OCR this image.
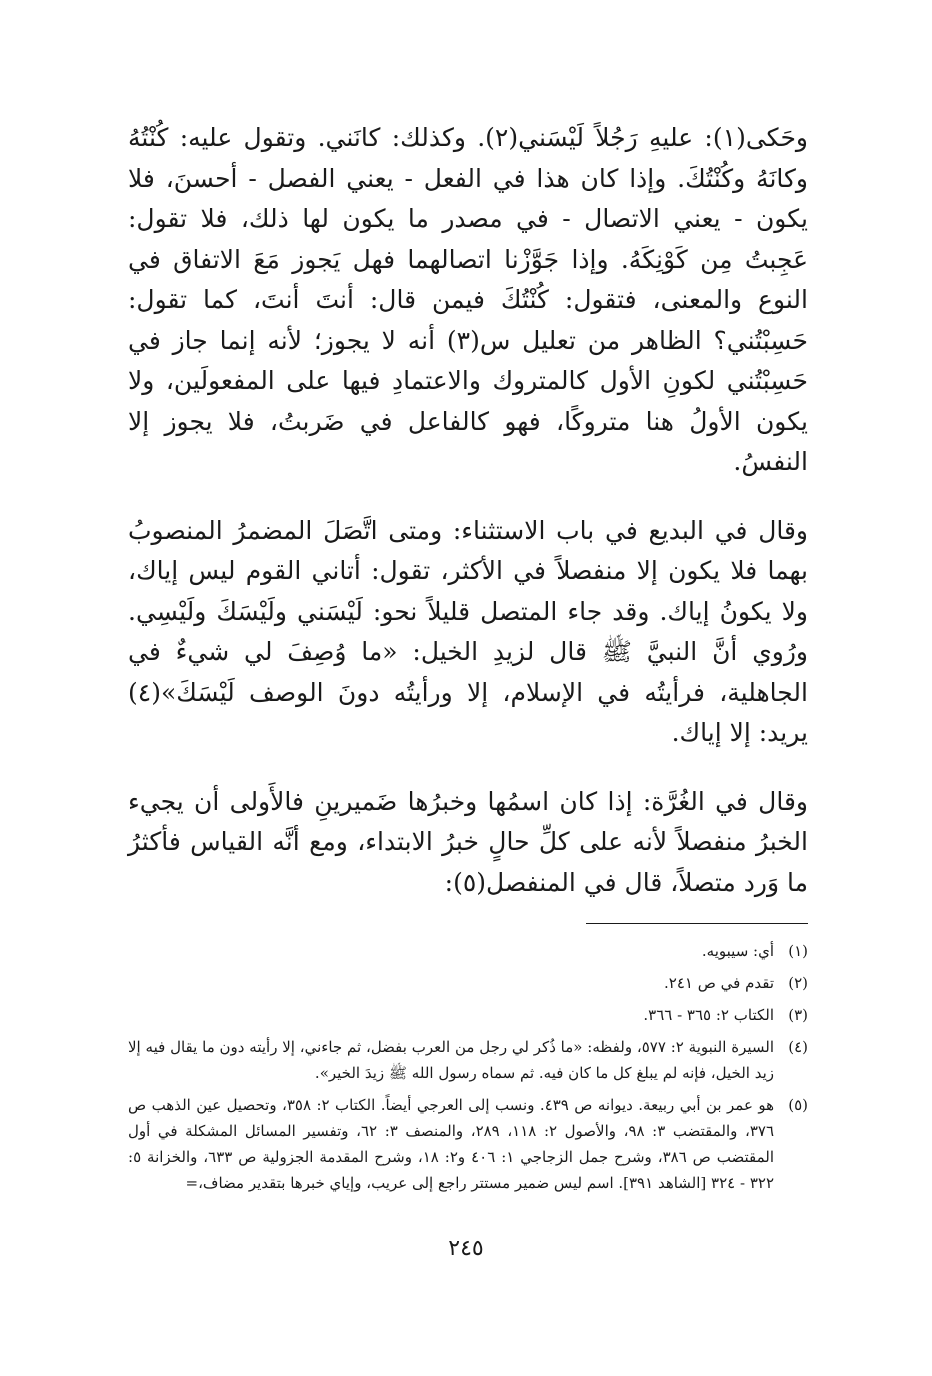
وحَكى(١): عليهِ رَجُلاً لَيْسَني(٢). وكذلك: كانَني. وتقول عليه: كُنْتُهُ وكانَهُ وكُنْتُكَ. وإذا كان هذا في الفعل - يعني الفصل - أحسنَ، فلا يكون - يعني الاتصال - في مصدر ما يكون لها ذلك، فلا تقول: عَجِبتُ مِن كَوْنِكَهُ. وإذا جَوَّزْنا اتصالهما فهل يَجوز مَعَ الاتفاق في النوع والمعنى، فتقول: كُنْتُكَ فيمن قال: أنتَ أنتَ، كما تقول: حَسِبْتُني؟ الظاهر من تعليل س(٣) أنه لا يجوز؛ لأنه إنما جاز في حَسِبْتُني لكونِ الأول كالمتروك والاعتمادِ فيها على المفعولَين، ولا يكون الأولُ هنا متروكًا، فهو كالفاعل في ضَربتُ، فلا يجوز إلا النفسُ.

وقال في البديع في باب الاستثناء: ومتى اتَّصَلَ المضمرُ المنصوبُ بهما فلا يكون إلا منفصلاً في الأكثر، تقول: أتاني القوم ليس إياك، ولا يكونُ إياك. وقد جاء المتصل قليلاً نحو: لَيْسَني ولَيْسَكَ ولَيْسِي. ورُوي أنَّ النبيَّ ﷺ قال لزيدِ الخيل: «ما وُصِفَ لي شيءٌ في الجاهلية، فرأيتُه في الإسلام، إلا ورأيتُه دونَ الوصف لَيْسَكَ»(٤) يريد: إلا إياك.

وقال في الغُرَّة: إذا كان اسمُها وخبرُها ضَميرينِ فالأَولى أن يجيء الخبرُ منفصلاً لأنه على كلِّ حالٍ خبرُ الابتداء، ومع أنَّه القياس فأكثرُ ما وَرد متصلاً، قال في المنفصل(٥):

(١)
أي: سيبويه.
(٢)
تقدم في ص ٢٤١.
(٣)
الكتاب ٢: ٣٦٥ - ٣٦٦.
(٤)
السيرة النبوية ٢: ٥٧٧، ولفظه: «ما ذُكر لي رجل من العرب بفضل، ثم جاءني، إلا رأيته دون ما يقال فيه إلا زيد الخيل، فإنه لم يبلغ كل ما كان فيه. ثم سماه رسول الله ﷺ زيدَ الخير».
(٥)
هو عمر بن أبي ربيعة. ديوانه ص ٤٣٩. ونسب إلى العرجي أيضاً. الكتاب ٢: ٣٥٨، وتحصيل عين الذهب ص ٣٧٦، والمقتضب ٣: ٩٨، والأصول ٢: ١١٨، ٢٨٩، والمنصف ٣: ٦٢، وتفسير المسائل المشكلة في أول المقتضب ص ٣٨٦، وشرح جمل الزجاجي ١: ٤٠٦ و٢: ١٨، وشرح المقدمة الجزولية ص ٦٣٣، والخزانة ٥: ٣٢٢ - ٣٢٤ [الشاهد ٣٩١]. اسم ليس ضمير مستتر راجع إلى عريب، وإياي خبرها بتقدير مضاف،=
٢٤٥
